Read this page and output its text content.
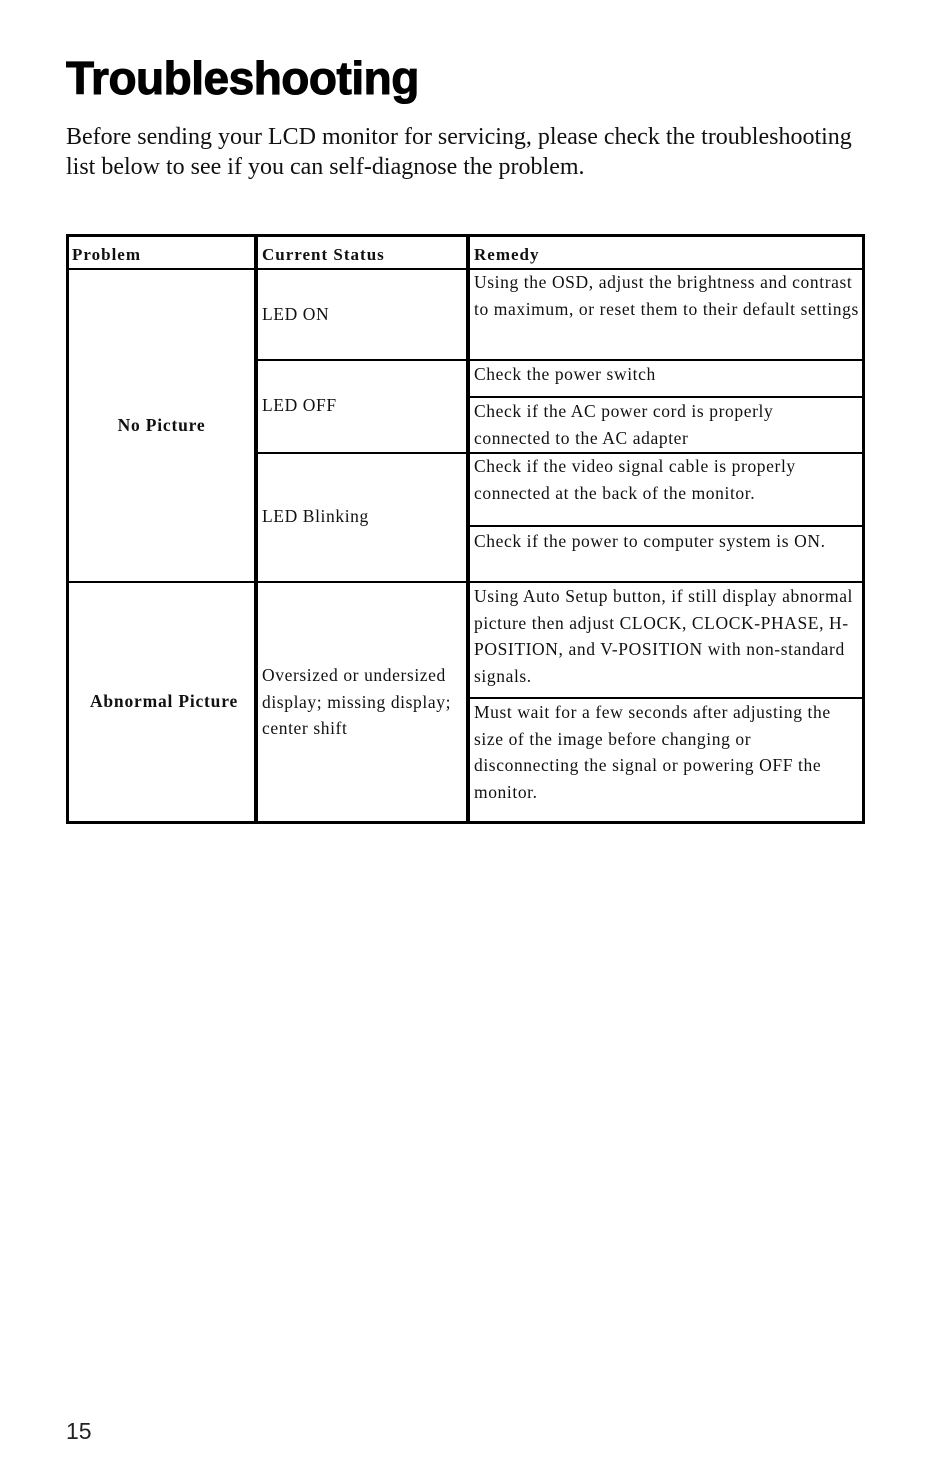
Troubleshooting

Before sending your LCD monitor for servicing, please check the troubleshooting list below to see if you can self-diagnose the problem.

Problem	Current Status	Remedy
No Picture
LED ON
Using the OSD, adjust the brightness and contrast to maximum, or reset them to their default settings
LED OFF
Check the power switch
Check if the AC power cord is properly connected to the AC adapter
LED Blinking
Check if the video signal cable is properly connected at the back of the monitor.
Check if the power to computer system is ON.
Abnormal Picture
Oversized or undersized display; missing display; center shift
Using Auto Setup button, if still display abnormal picture then adjust CLOCK, CLOCK-PHASE, H-POSITION, and V-POSITION with non-standard signals.
Must wait for a few seconds after adjusting the size of the image before changing or disconnecting the signal or powering OFF the monitor.
15
